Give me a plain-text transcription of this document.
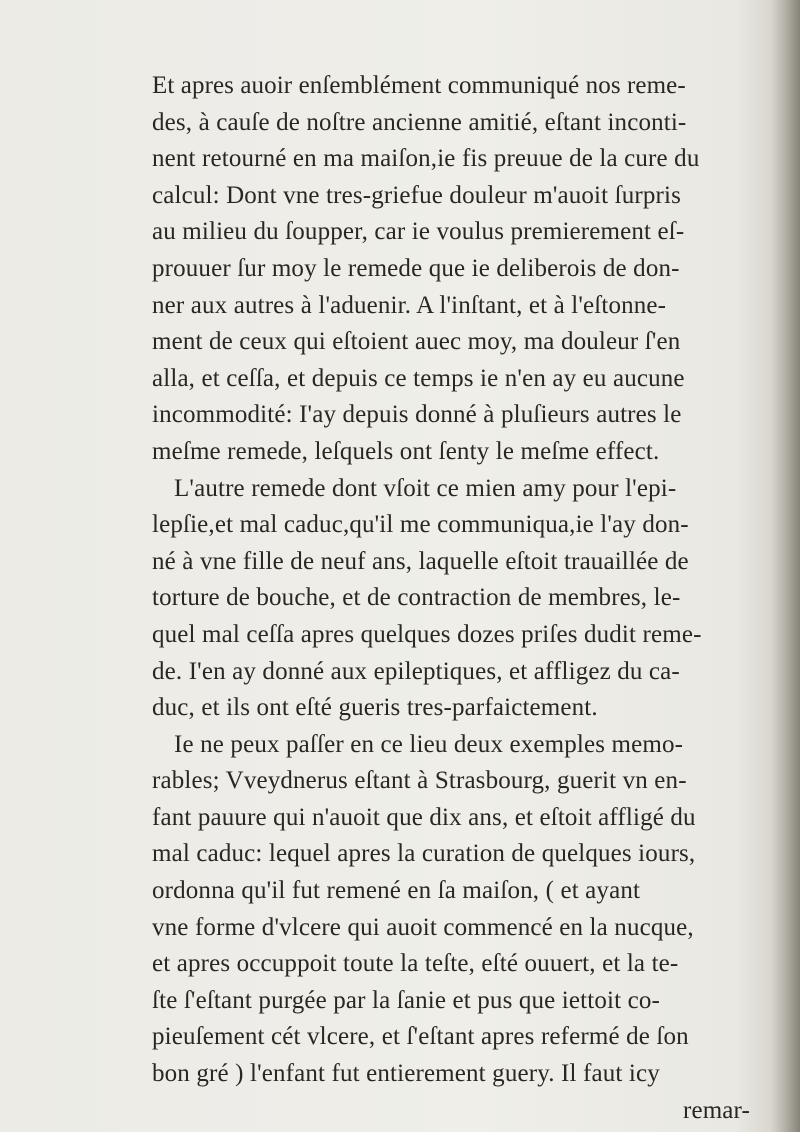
Et apres auoir enſemblément communiqué nos reme-
des, à cauſe de noſtre ancienne amitié, eſtant inconti-
nent retourné en ma maiſon,ie fis preuue de la cure du
calcul: Dont vne tres-griefue douleur m'auoit ſurpris
au milieu du ſoupper, car ie voulus premierement eſ-
prouuer ſur moy le remede que ie deliberois de don-
ner aux autres à l'aduenir. A l'inſtant, et à l'eſtonne-
ment de ceux qui eſtoient auec moy, ma douleur ſ'en
alla, et ceſſa, et depuis ce temps ie n'en ay eu aucune
incommodité: I'ay depuis donné à pluſieurs autres le
meſme remede, leſquels ont ſenty le meſme effect.
L'autre remede dont vſoit ce mien amy pour l'epi-
lepſie,et mal caduc,qu'il me communiqua,ie l'ay don-
né à vne fille de neuf ans, laquelle eſtoit trauaillée de
torture de bouche, et de contraction de membres, le-
quel mal ceſſa apres quelques dozes priſes dudit reme-
de. I'en ay donné aux epileptiques, et affligez du ca-
duc, et ils ont eſté gueris tres-parfaictement.
Ie ne peux paſſer en ce lieu deux exemples memo-
rables; Vveydnerus eſtant à Strasbourg, guerit vn en-
fant pauure qui n'auoit que dix ans, et eſtoit affligé du
mal caduc: lequel apres la curation de quelques iours,
ordonna qu'il fut remené en ſa maiſon, ( et ayant
vne forme d'vlcere qui auoit commencé en la nucque,
et apres occuppoit toute la teſte, eſté ouuert, et la te-
ſte ſ'eſtant purgée par la ſanie et pus que iettoit co-
pieuſement cét vlcere, et ſ'eſtant apres refermé de ſon
bon gré ) l'enfant fut entierement guery. Il faut icy
remar-
